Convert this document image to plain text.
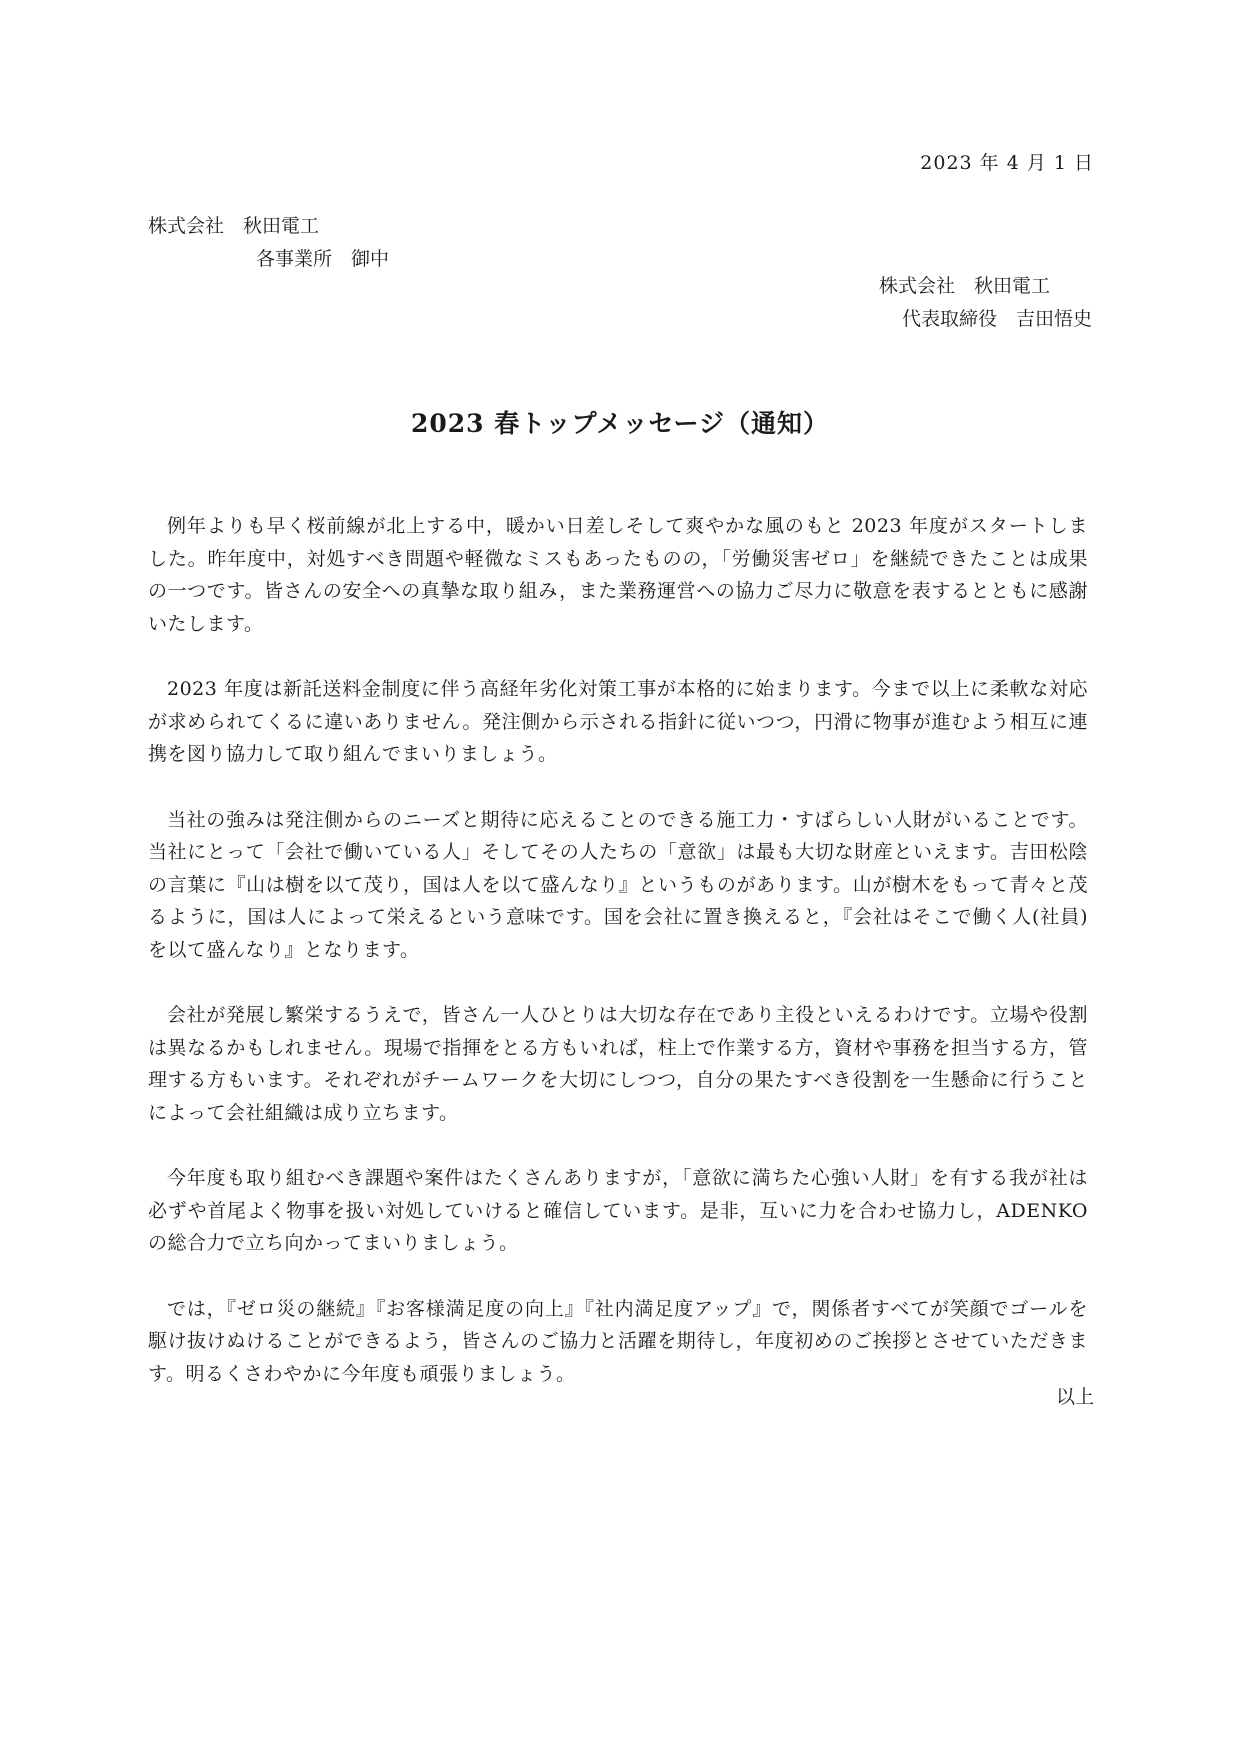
2023 年 4 月 1 日
株式会社　秋田電工
各事業所　御中
株式会社　秋田電工
代表取締役　吉田悟史
2023 春トップメッセージ（通知）

例年よりも早く桜前線が北上する中，暖かい日差しそして爽やかな風のもと 2023 年度がスタートしました。昨年度中，対処すべき問題や軽微なミスもあったものの，「労働災害ゼロ」を継続できたことは成果の一つです。皆さんの安全への真摯な取り組み，また業務運営への協力ご尽力に敬意を表するとともに感謝いたします。

2023 年度は新託送料金制度に伴う高経年劣化対策工事が本格的に始まります。今まで以上に柔軟な対応が求められてくるに違いありません。発注側から示される指針に従いつつ，円滑に物事が進むよう相互に連携を図り協力して取り組んでまいりましょう。

当社の強みは発注側からのニーズと期待に応えることのできる施工力・すばらしい人財がいることです。当社にとって「会社で働いている人」そしてその人たちの「意欲」は最も大切な財産といえます。吉田松陰の言葉に『山は樹を以て茂り，国は人を以て盛んなり』というものがあります。山が樹木をもって青々と茂るように，国は人によって栄えるという意味です。国を会社に置き換えると，『会社はそこで働く人(社員)を以て盛んなり』となります。

会社が発展し繁栄するうえで，皆さん一人ひとりは大切な存在であり主役といえるわけです。立場や役割は異なるかもしれません。現場で指揮をとる方もいれば，柱上で作業する方，資材や事務を担当する方，管理する方もいます。それぞれがチームワークを大切にしつつ，自分の果たすべき役割を一生懸命に行うことによって会社組織は成り立ちます。

今年度も取り組むべき課題や案件はたくさんありますが，「意欲に満ちた心強い人財」を有する我が社は必ずや首尾よく物事を扱い対処していけると確信しています。是非，互いに力を合わせ協力し，ADENKO の総合力で立ち向かってまいりましょう。

では，『ゼロ災の継続』『お客様満足度の向上』『社内満足度アップ』で，関係者すべてが笑顔でゴールを駆け抜けぬけることができるよう，皆さんのご協力と活躍を期待し，年度初めのご挨拶とさせていただきます。明るくさわやかに今年度も頑張りましょう。

以上
